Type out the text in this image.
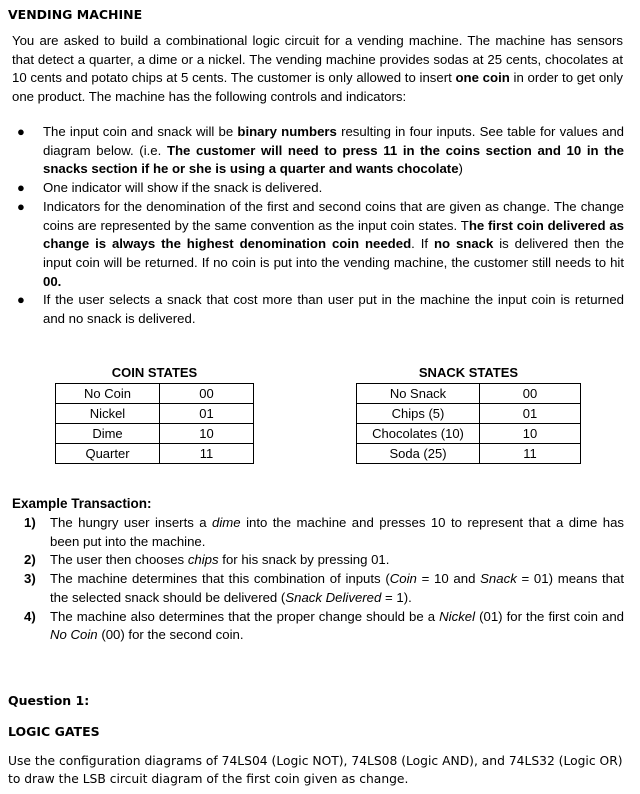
VENDING MACHINE
You are asked to build a combinational logic circuit for a vending machine. The machine has sensors that detect a quarter, a dime or a nickel. The vending machine provides sodas at 25 cents, chocolates at 10 cents and potato chips at 5 cents. The customer is only allowed to insert one coin in order to get only one product. The machine has the following controls and indicators:
● The input coin and snack will be binary numbers resulting in four inputs. See table for values and diagram below. (i.e. The customer will need to press 11 in the coins section and 10 in the snacks section if he or she is using a quarter and wants chocolate)
● One indicator will show if the snack is delivered.
● Indicators for the denomination of the first and second coins that are given as change. The change coins are represented by the same convention as the input coin states. The first coin delivered as change is always the highest denomination coin needed. If no snack is delivered then the input coin will be returned. If no coin is put into the vending machine, the customer still needs to hit 00.
● If the user selects a snack that cost more than user put in the machine the input coin is returned and no snack is delivered.
COIN STATES
No Coin	00
Nickel	01
Dime	10
Quarter	11
SNACK STATES
No Snack	00
Chips (5)	01
Chocolates (10)	10
Soda (25)	11
Example Transaction:
1) The hungry user inserts a dime into the machine and presses 10 to represent that a dime has been put into the machine.
2) The user then chooses chips for his snack by pressing 01.
3) The machine determines that this combination of inputs (Coin = 10 and Snack = 01) means that the selected snack should be delivered (Snack Delivered = 1).
4) The machine also determines that the proper change should be a Nickel (01) for the first coin and No Coin (00) for the second coin.
Question 1:
LOGIC GATES
Use the configuration diagrams of 74LS04 (Logic NOT), 74LS08 (Logic AND), and 74LS32 (Logic OR) to draw the LSB circuit diagram of the first coin given as change.
